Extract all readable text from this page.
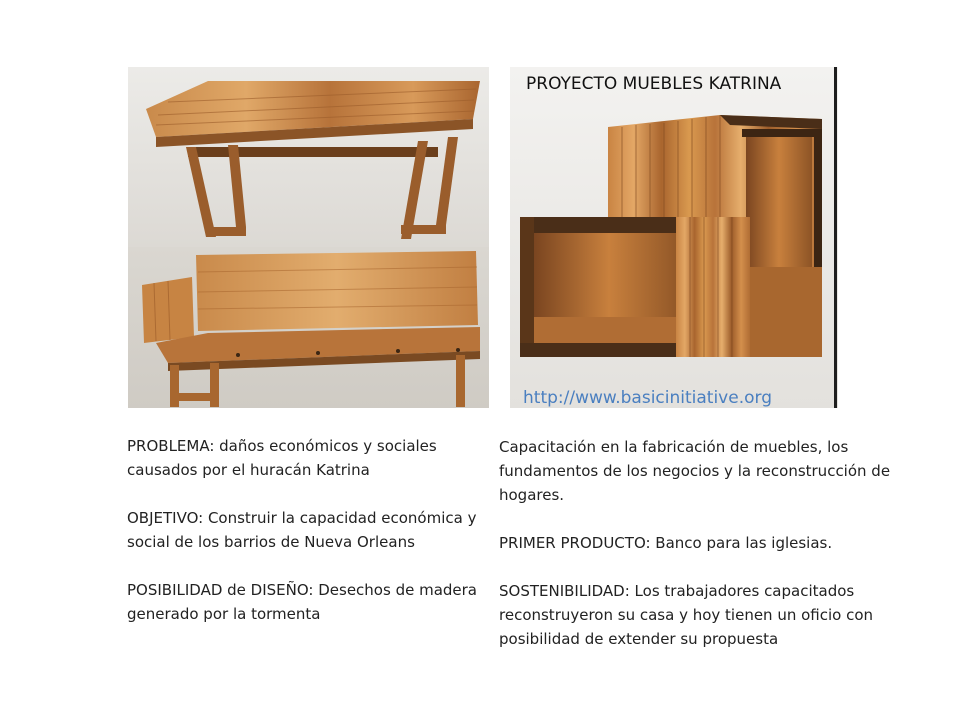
PROYECTO MUEBLES KATRINA
http://www.basicinitiative.org

PROBLEMA: daños económicos y sociales causados por el huracán Katrina

OBJETIVO: Construir la capacidad económica y social de los barrios de Nueva Orleans

POSIBILIDAD de DISEÑO: Desechos de madera generado por la tormenta

Capacitación en la fabricación de muebles, los fundamentos de los negocios y la reconstrucción de hogares.

PRIMER PRODUCTO: Banco para las iglesias.

SOSTENIBILIDAD: Los trabajadores capacitados reconstruyeron su casa y hoy tienen un oficio con posibilidad de extender su propuesta
